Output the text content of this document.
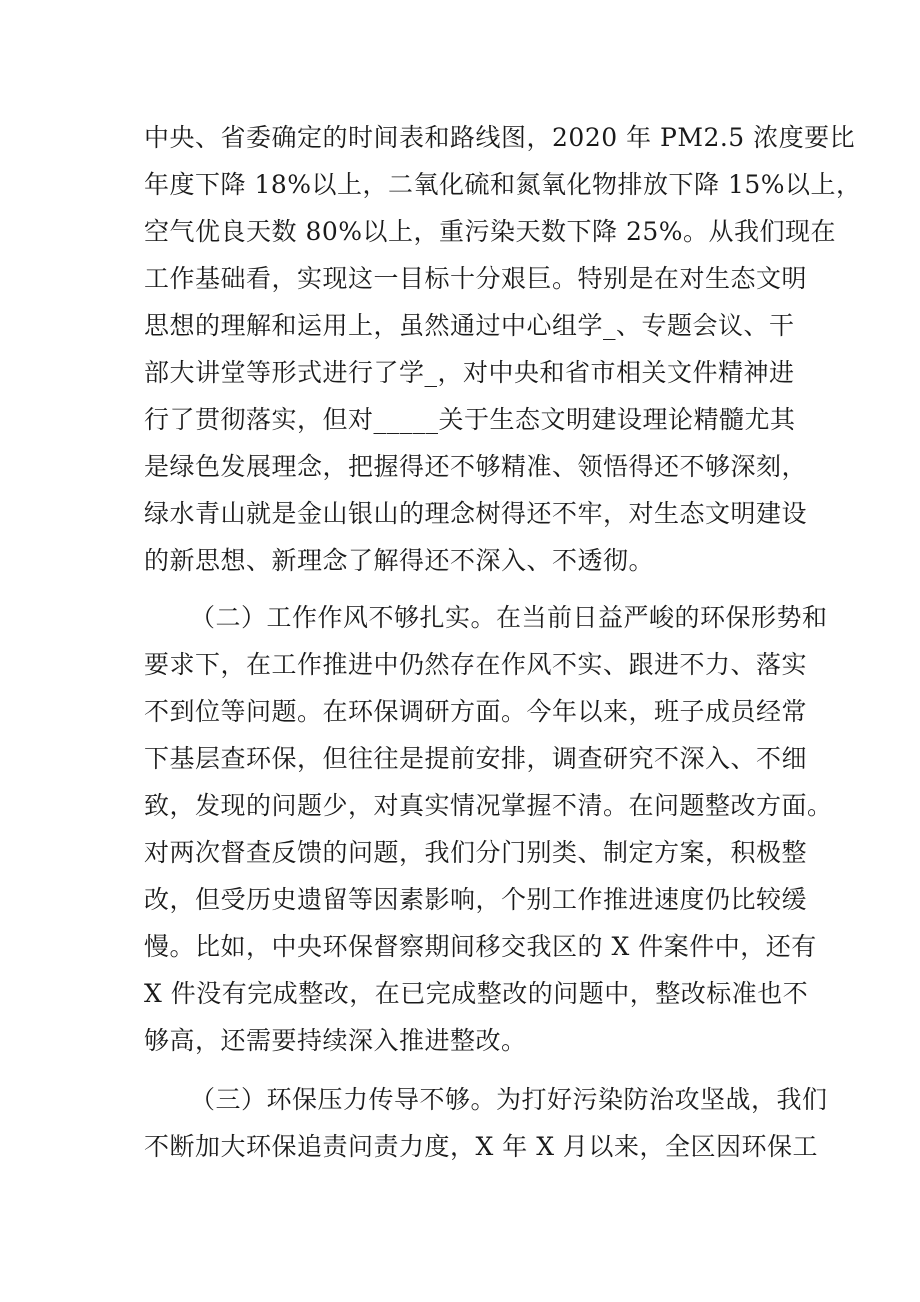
中央、省委确定的时间表和路线图，2020 年 PM2.5 浓度要比
年度下降 18%以上，二氧化硫和氮氧化物排放下降 15%以上，
空气优良天数 80%以上，重污染天数下降 25%。从我们现在
工作基础看，实现这一目标十分艰巨。特别是在对生态文明
思想的理解和运用上，虽然通过中心组学_、专题会议、干
部大讲堂等形式进行了学_，对中央和省市相关文件精神进
行了贯彻落实，但对_____关于生态文明建设理论精髓尤其
是绿色发展理念，把握得还不够精准、领悟得还不够深刻，
绿水青山就是金山银山的理念树得还不牢，对生态文明建设
的新思想、新理念了解得还不深入、不透彻。
（二）工作作风不够扎实。在当前日益严峻的环保形势和
要求下，在工作推进中仍然存在作风不实、跟进不力、落实
不到位等问题。在环保调研方面。今年以来，班子成员经常
下基层查环保，但往往是提前安排，调查研究不深入、不细
致，发现的问题少，对真实情况掌握不清。在问题整改方面。
对两次督查反馈的问题，我们分门别类、制定方案，积极整
改，但受历史遗留等因素影响，个别工作推进速度仍比较缓
慢。比如，中央环保督察期间移交我区的 X 件案件中，还有
X 件没有完成整改，在已完成整改的问题中，整改标准也不
够高，还需要持续深入推进整改。
（三）环保压力传导不够。为打好污染防治攻坚战，我们
不断加大环保追责问责力度，X 年 X 月以来，全区因环保工
